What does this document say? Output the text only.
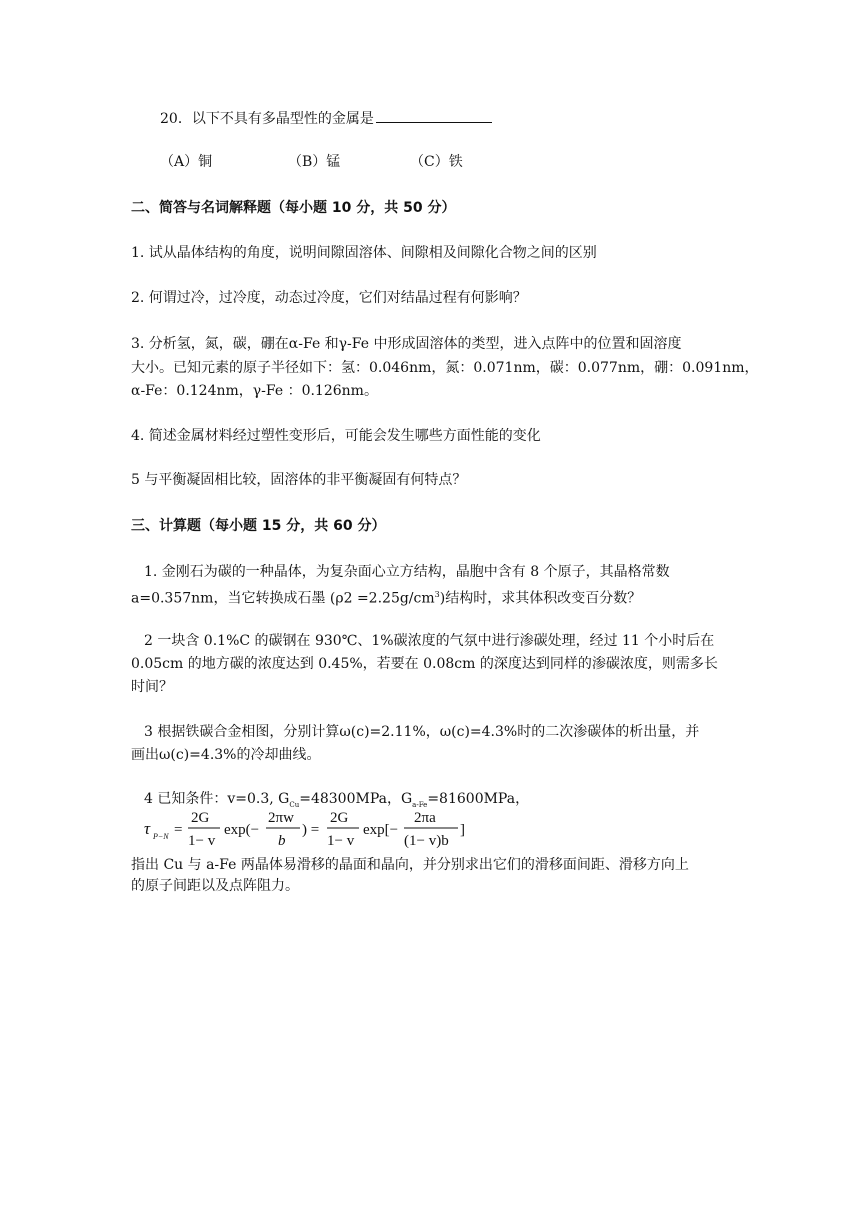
20．以下不具有多晶型性的金属是
（A）铜	（B）锰	（C）铁
二、简答与名词解释题（每小题 10 分，共 50 分）
1. 试从晶体结构的角度，说明间隙固溶体、间隙相及间隙化合物之间的区别
2. 何谓过冷，过冷度，动态过冷度，它们对结晶过程有何影响？
3. 分析氢，氮，碳，硼在α-Fe 和γ-Fe 中形成固溶体的类型，进入点阵中的位置和固溶度
大小。已知元素的原子半径如下：氢：0.046nm，氮：0.071nm，碳：0.077nm，硼：0.091nm，
α-Fe：0.124nm，γ-Fe ：0.126nm。
4. 简述金属材料经过塑性变形后，可能会发生哪些方面性能的变化
5 与平衡凝固相比较，固溶体的非平衡凝固有何特点？
三、计算题（每小题 15 分，共 60 分）
1. 金刚石为碳的一种晶体，为复杂面心立方结构，晶胞中含有 8 个原子，其晶格常数
a=0.357nm，当它转换成石墨 $(\rho 2 =2.25g/cm^3)$结构时，求其体积改变百分数？
2 一块含 0.1%C 的碳钢在 930℃、1%碳浓度的气氛中进行渗碳处理，经过 11 个小时后在
0.05cm 的地方碳的浓度达到 0.45%，若要在 0.08cm 的深度达到同样的渗碳浓度，则需多长
时间？
3 根据铁碳合金相图，分别计算ω(c)=2.11%，ω(c)=4.3%时的二次渗碳体的析出量，并
画出ω(c)=4.3%的冷却曲线。
4 已知条件：v=0.3, $G_{Cu}=48300MPa$，$G_{a-Fe}=81600MPa$，
τ P−N =
2G
1− v
exp(−
2πw
b
) =
2G
1− v
exp[−
2πa
(1− v)b
]
指出 Cu 与 a-Fe 两晶体易滑移的晶面和晶向，并分别求出它们的滑移面间距、滑移方向上
的原子间距以及点阵阻力。
